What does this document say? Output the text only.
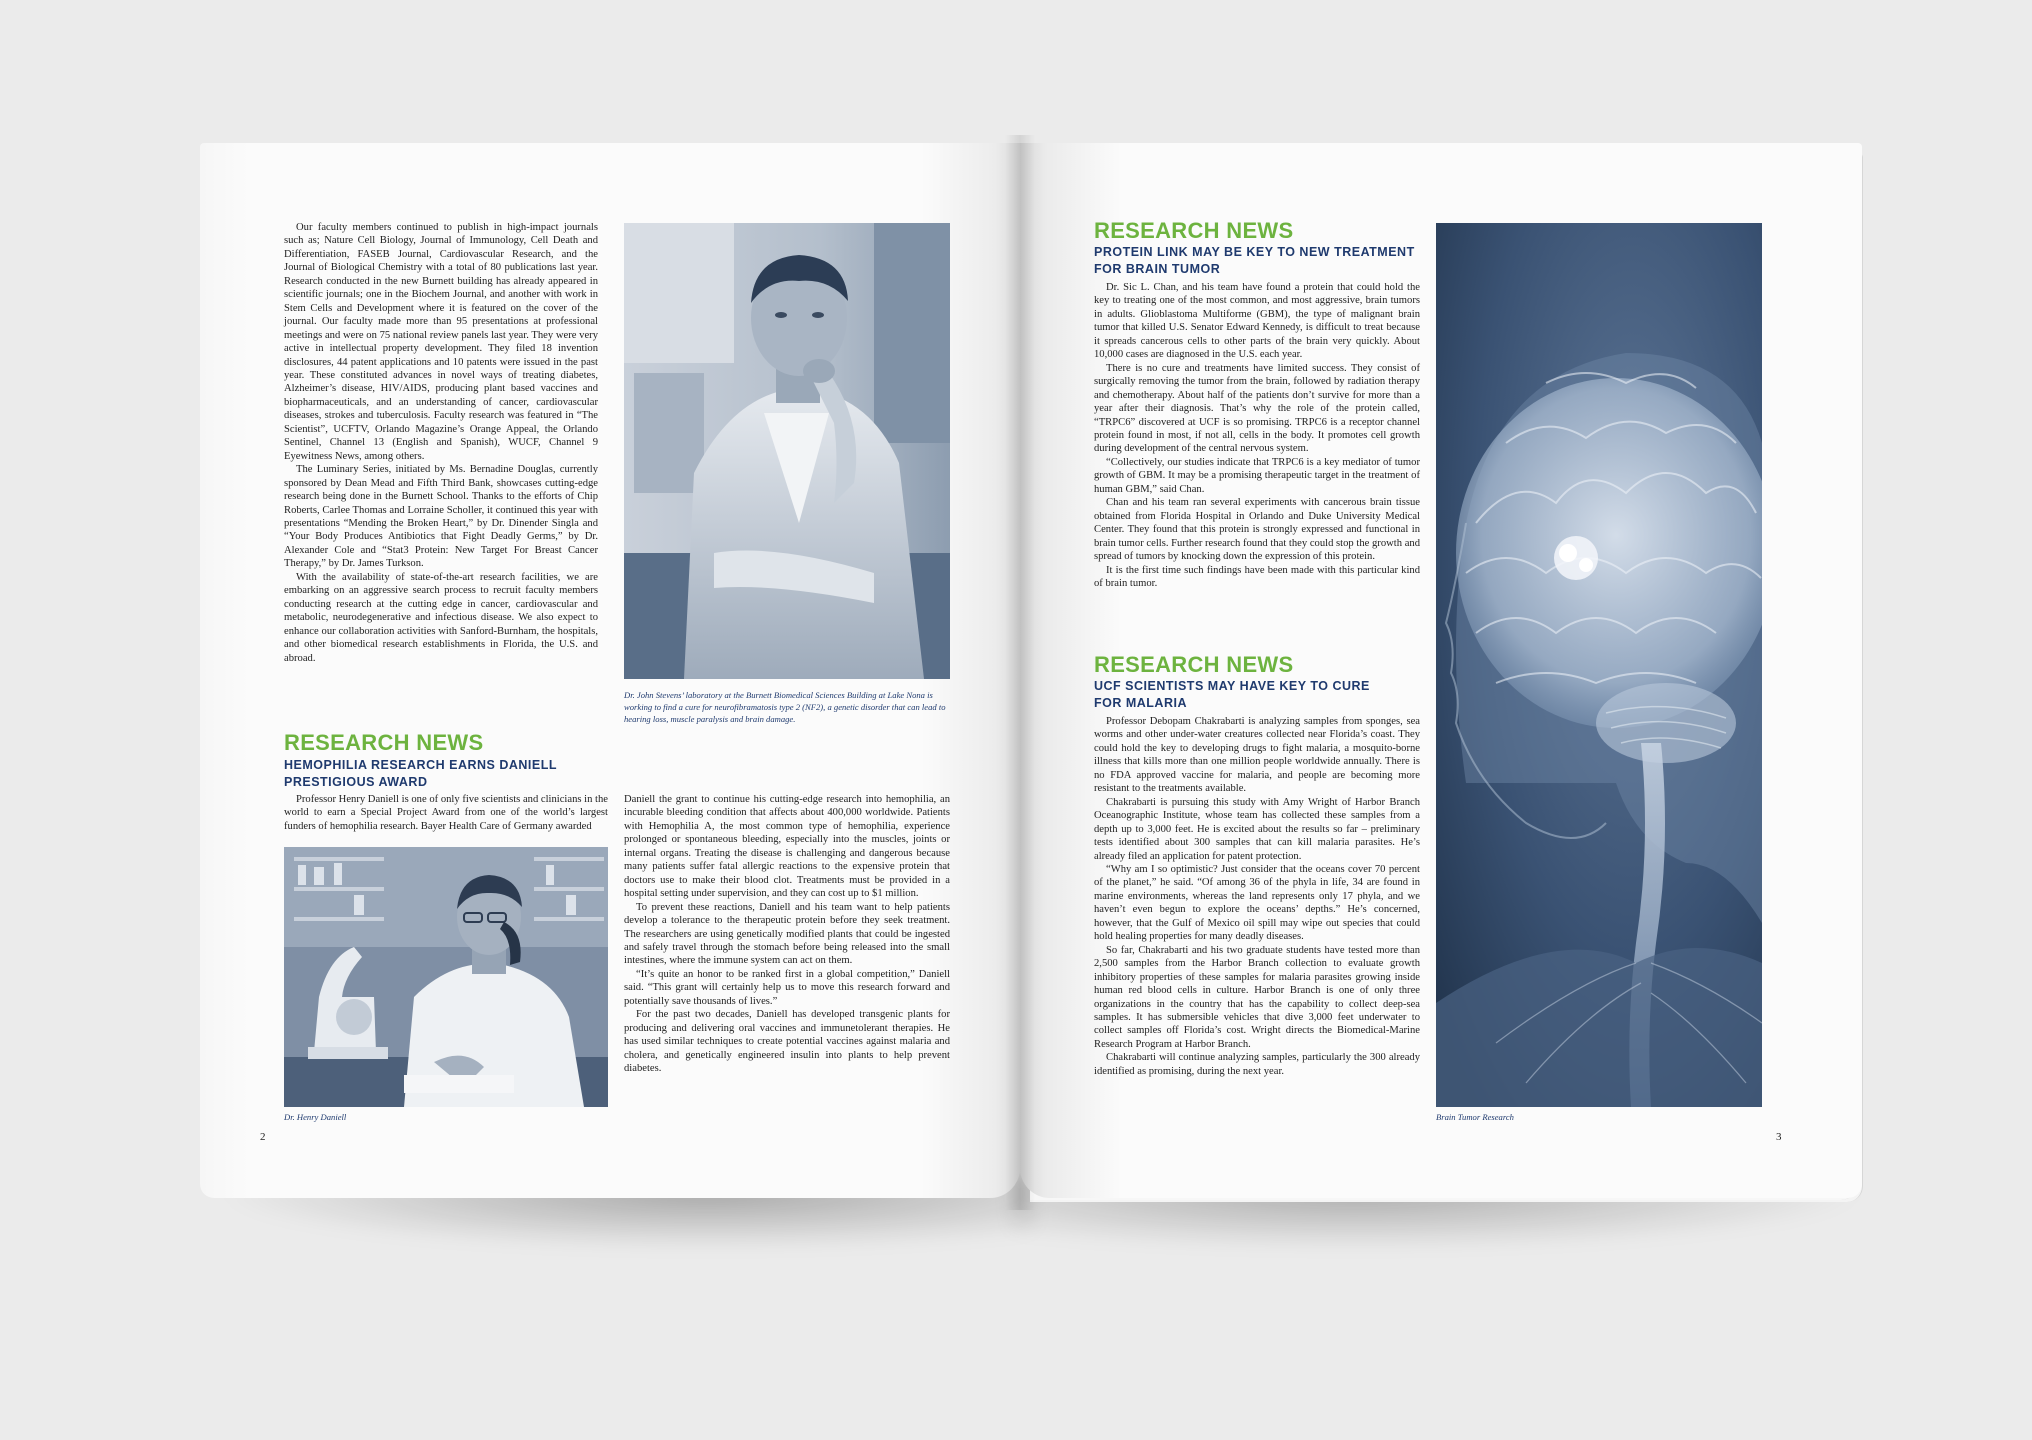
Our faculty members continued to publish in high-impact journals such as; Nature Cell Biology, Journal of Immunology, Cell Death and Differentiation, FASEB Journal, Cardiovascular Research, and the Journal of Biological Chemistry with a total of 80 publications last year. Research conducted in the new Burnett building has already appeared in scientific journals; one in the Biochem Journal, and another with work in Stem Cells and Development where it is featured on the cover of the journal. Our faculty made more than 95 presentations at professional meetings and were on 75 national review panels last year. They were very active in intellectual property development. They filed 18 invention disclosures, 44 patent applications and 10 patents were issued in the past year. These constituted advances in novel ways of treating diabetes, Alzheimer’s disease, HIV/AIDS, producing plant based vaccines and biopharmaceuticals, and an understanding of cancer, cardiovascular diseases, strokes and tuberculosis. Faculty research was featured in “The Scientist”, UCFTV, Orlando Magazine’s Orange Appeal, the Orlando Sentinel, Channel 13 (English and Spanish), WUCF, Channel 9 Eyewitness News, among others.

The Luminary Series, initiated by Ms. Bernadine Douglas, currently sponsored by Dean Mead and Fifth Third Bank, showcases cutting-edge research being done in the Burnett School. Thanks to the efforts of Chip Roberts, Carlee Thomas and Lorraine Scholler, it continued this year with presentations “Mending the Broken Heart,” by Dr. Dinender Singla and “Your Body Produces Antibiotics that Fight Deadly Germs,” by Dr. Alexander Cole and “Stat3 Protein: New Target For Breast Cancer Therapy,” by Dr. James Turkson.

With the availability of state-of-the-art research facilities, we are embarking on an aggressive search process to recruit faculty members conducting research at the cutting edge in cancer, cardiovascular and metabolic, neurodegenerative and infectious disease. We also expect to enhance our collaboration activities with Sanford-Burnham, the hospitals, and other biomedical research establishments in Florida, the U.S. and abroad.

Dr. John Stevens’ laboratory at the Burnett Biomedical Sciences Building at Lake Nona is working to find a cure for neurofibramatosis type 2 (NF2), a genetic disorder that can lead to hearing loss, muscle paralysis and brain damage.
RESEARCH NEWS
HEMOPHILIA RESEARCH EARNS DANIELL
PRESTIGIOUS AWARD

Professor Henry Daniell is one of only five scientists and clinicians in the world to earn a Special Project Award from one of the world’s largest funders of hemophilia research. Bayer Health Care of Germany awarded

Dr. Henry Daniell

Daniell the grant to continue his cutting-edge research into hemophilia, an incurable bleeding condition that affects about 400,000 worldwide. Patients with Hemophilia A, the most common type of hemophilia, experience prolonged or spontaneous bleeding, especially into the muscles, joints or internal organs. Treating the disease is challenging and dangerous because many patients suffer fatal allergic reactions to the expensive protein that doctors use to make their blood clot. Treatments must be provided in a hospital setting under supervision, and they can cost up to $1 million.

To prevent these reactions, Daniell and his team want to help patients develop a tolerance to the therapeutic protein before they seek treatment. The researchers are using genetically modified plants that could be ingested and safely travel through the stomach before being released into the small intestines, where the immune system can act on them.

“It’s quite an honor to be ranked first in a global competition,” Daniell said. “This grant will certainly help us to move this research forward and potentially save thousands of lives.”

For the past two decades, Daniell has developed transgenic plants for producing and delivering oral vaccines and immunetolerant therapies. He has used similar techniques to create potential vaccines against malaria and cholera, and genetically engineered insulin into plants to help prevent diabetes.

2
RESEARCH NEWS
PROTEIN LINK MAY BE KEY TO NEW TREATMENT
FOR BRAIN TUMOR

Dr. Sic L. Chan, and his team have found a protein that could hold the key to treating one of the most common, and most aggressive, brain tumors in adults. Glioblastoma Multiforme (GBM), the type of malignant brain tumor that killed U.S. Senator Edward Kennedy, is difficult to treat because it spreads cancerous cells to other parts of the brain very quickly. About 10,000 cases are diagnosed in the U.S. each year.

There is no cure and treatments have limited success. They consist of surgically removing the tumor from the brain, followed by radiation therapy and chemotherapy. About half of the patients don’t survive for more than a year after their diagnosis. That’s why the role of the protein called, “TRPC6” discovered at UCF is so promising. TRPC6 is a receptor channel protein found in most, if not all, cells in the body. It promotes cell growth during development of the central nervous system.

“Collectively, our studies indicate that TRPC6 is a key mediator of tumor growth of GBM. It may be a promising therapeutic target in the treatment of human GBM,” said Chan.

Chan and his team ran several experiments with cancerous brain tissue obtained from Florida Hospital in Orlando and Duke University Medical Center. They found that this protein is strongly expressed and functional in brain tumor cells. Further research found that they could stop the growth and spread of tumors by knocking down the expression of this protein.

It is the first time such findings have been made with this particular kind of brain tumor.

RESEARCH NEWS
UCF SCIENTISTS MAY HAVE KEY TO CURE
FOR MALARIA

Professor Debopam Chakrabarti is analyzing samples from sponges, sea worms and other under-water creatures collected near Florida’s coast. They could hold the key to developing drugs to fight malaria, a mosquito-borne illness that kills more than one million people worldwide annually. There is no FDA approved vaccine for malaria, and people are becoming more resistant to the treatments available.

Chakrabarti is pursuing this study with Amy Wright of Harbor Branch Oceanographic Institute, whose team has collected these samples from a depth up to 3,000 feet. He is excited about the results so far – preliminary tests identified about 300 samples that can kill malaria parasites. He’s already filed an application for patent protection.

“Why am I so optimistic? Just consider that the oceans cover 70 percent of the planet,” he said. “Of among 36 of the phyla in life, 34 are found in marine environments, whereas the land represents only 17 phyla, and we haven’t even begun to explore the oceans’ depths.” He’s concerned, however, that the Gulf of Mexico oil spill may wipe out species that could hold healing properties for many deadly diseases.

So far, Chakrabarti and his two graduate students have tested more than 2,500 samples from the Harbor Branch collection to evaluate growth inhibitory properties of these samples for malaria parasites growing inside human red blood cells in culture. Harbor Branch is one of only three organizations in the country that has the capability to collect deep-sea samples. It has submersible vehicles that dive 3,000 feet underwater to collect samples off Florida’s cost. Wright directs the Biomedical-Marine Research Program at Harbor Branch.

Chakrabarti will continue analyzing samples, particularly the 300 already identified as promising, during the next year.

Brain Tumor Research
3
